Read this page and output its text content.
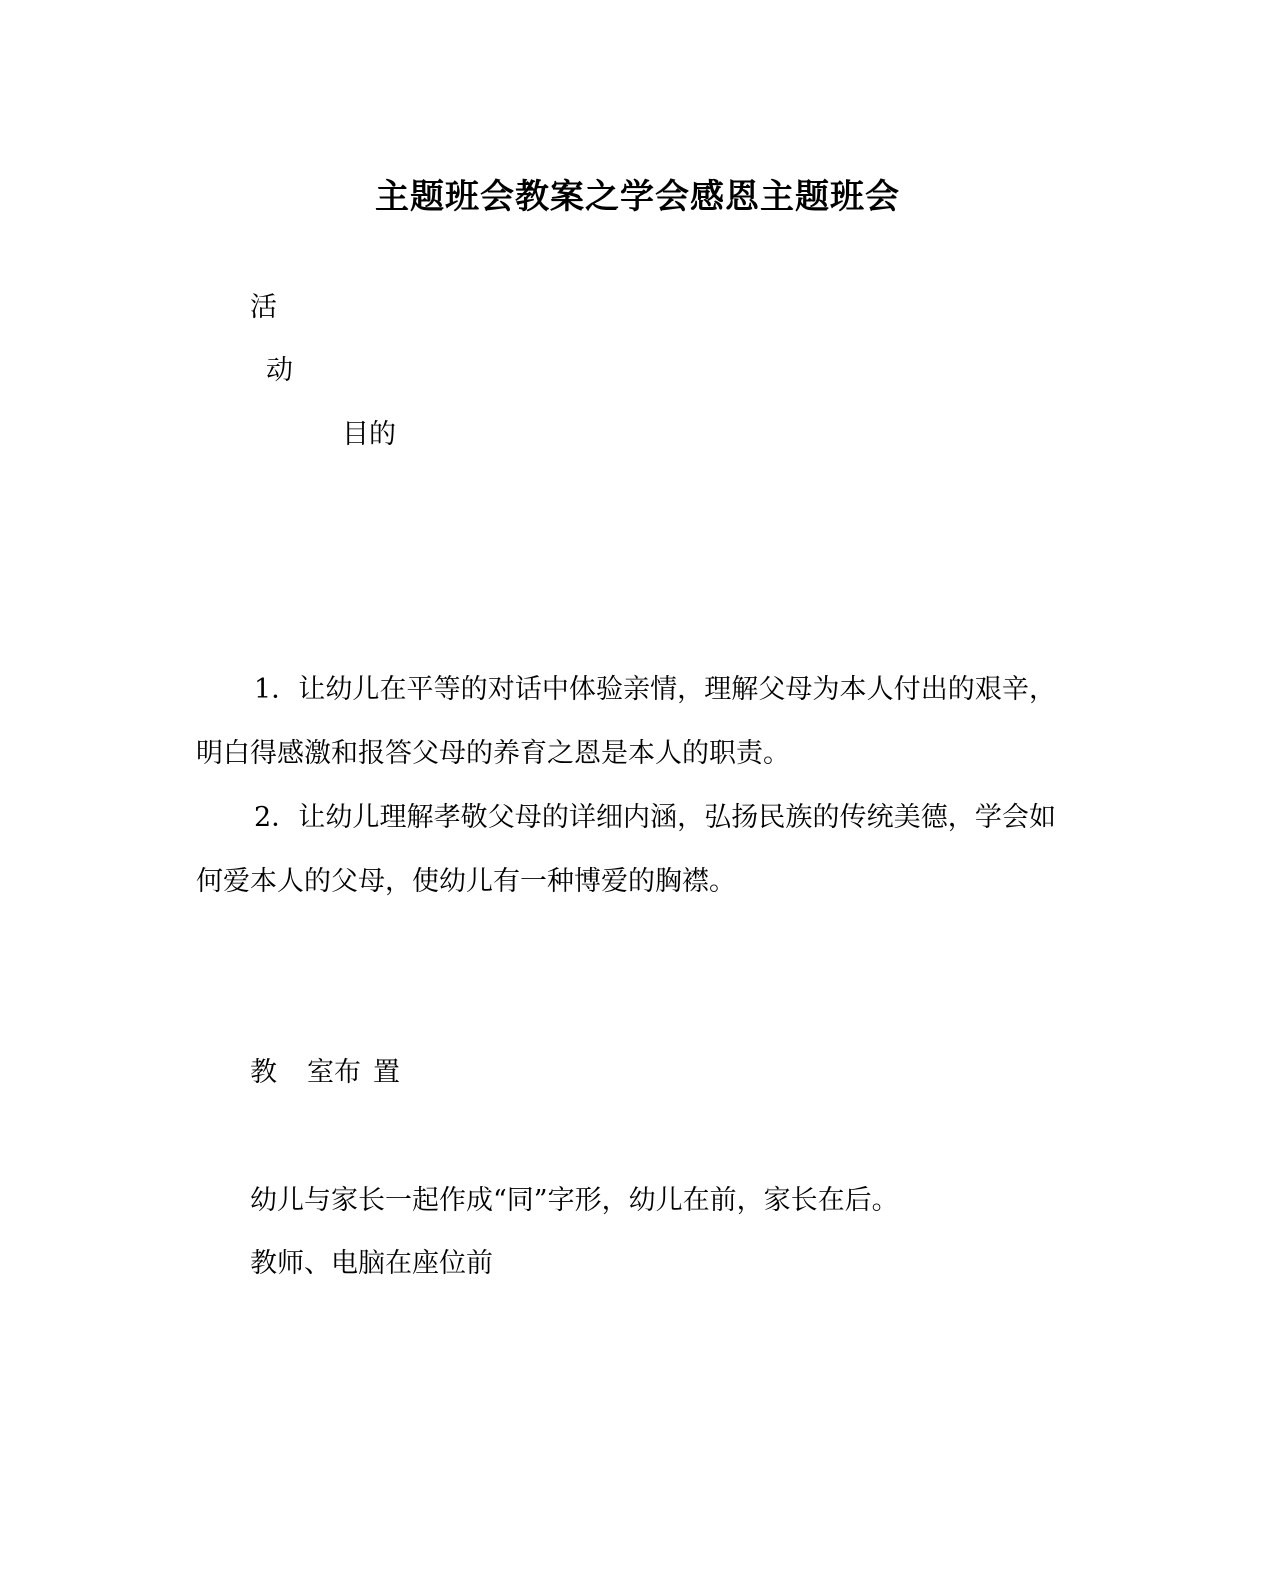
主题班会教案之学会感恩主题班会
活
动
目的
1．让幼儿在平等的对话中体验亲情，理解父母为本人付出的艰辛，明白得感激和报答父母的养育之恩是本人的职责。
2．让幼儿理解孝敬父母的详细内涵，弘扬民族的传统美德，学会如何爱本人的父母，使幼儿有一种博爱的胸襟。
教 室布 置
幼儿与家长一起作成“同”字形，幼儿在前，家长在后。
教师、电脑在座位前
